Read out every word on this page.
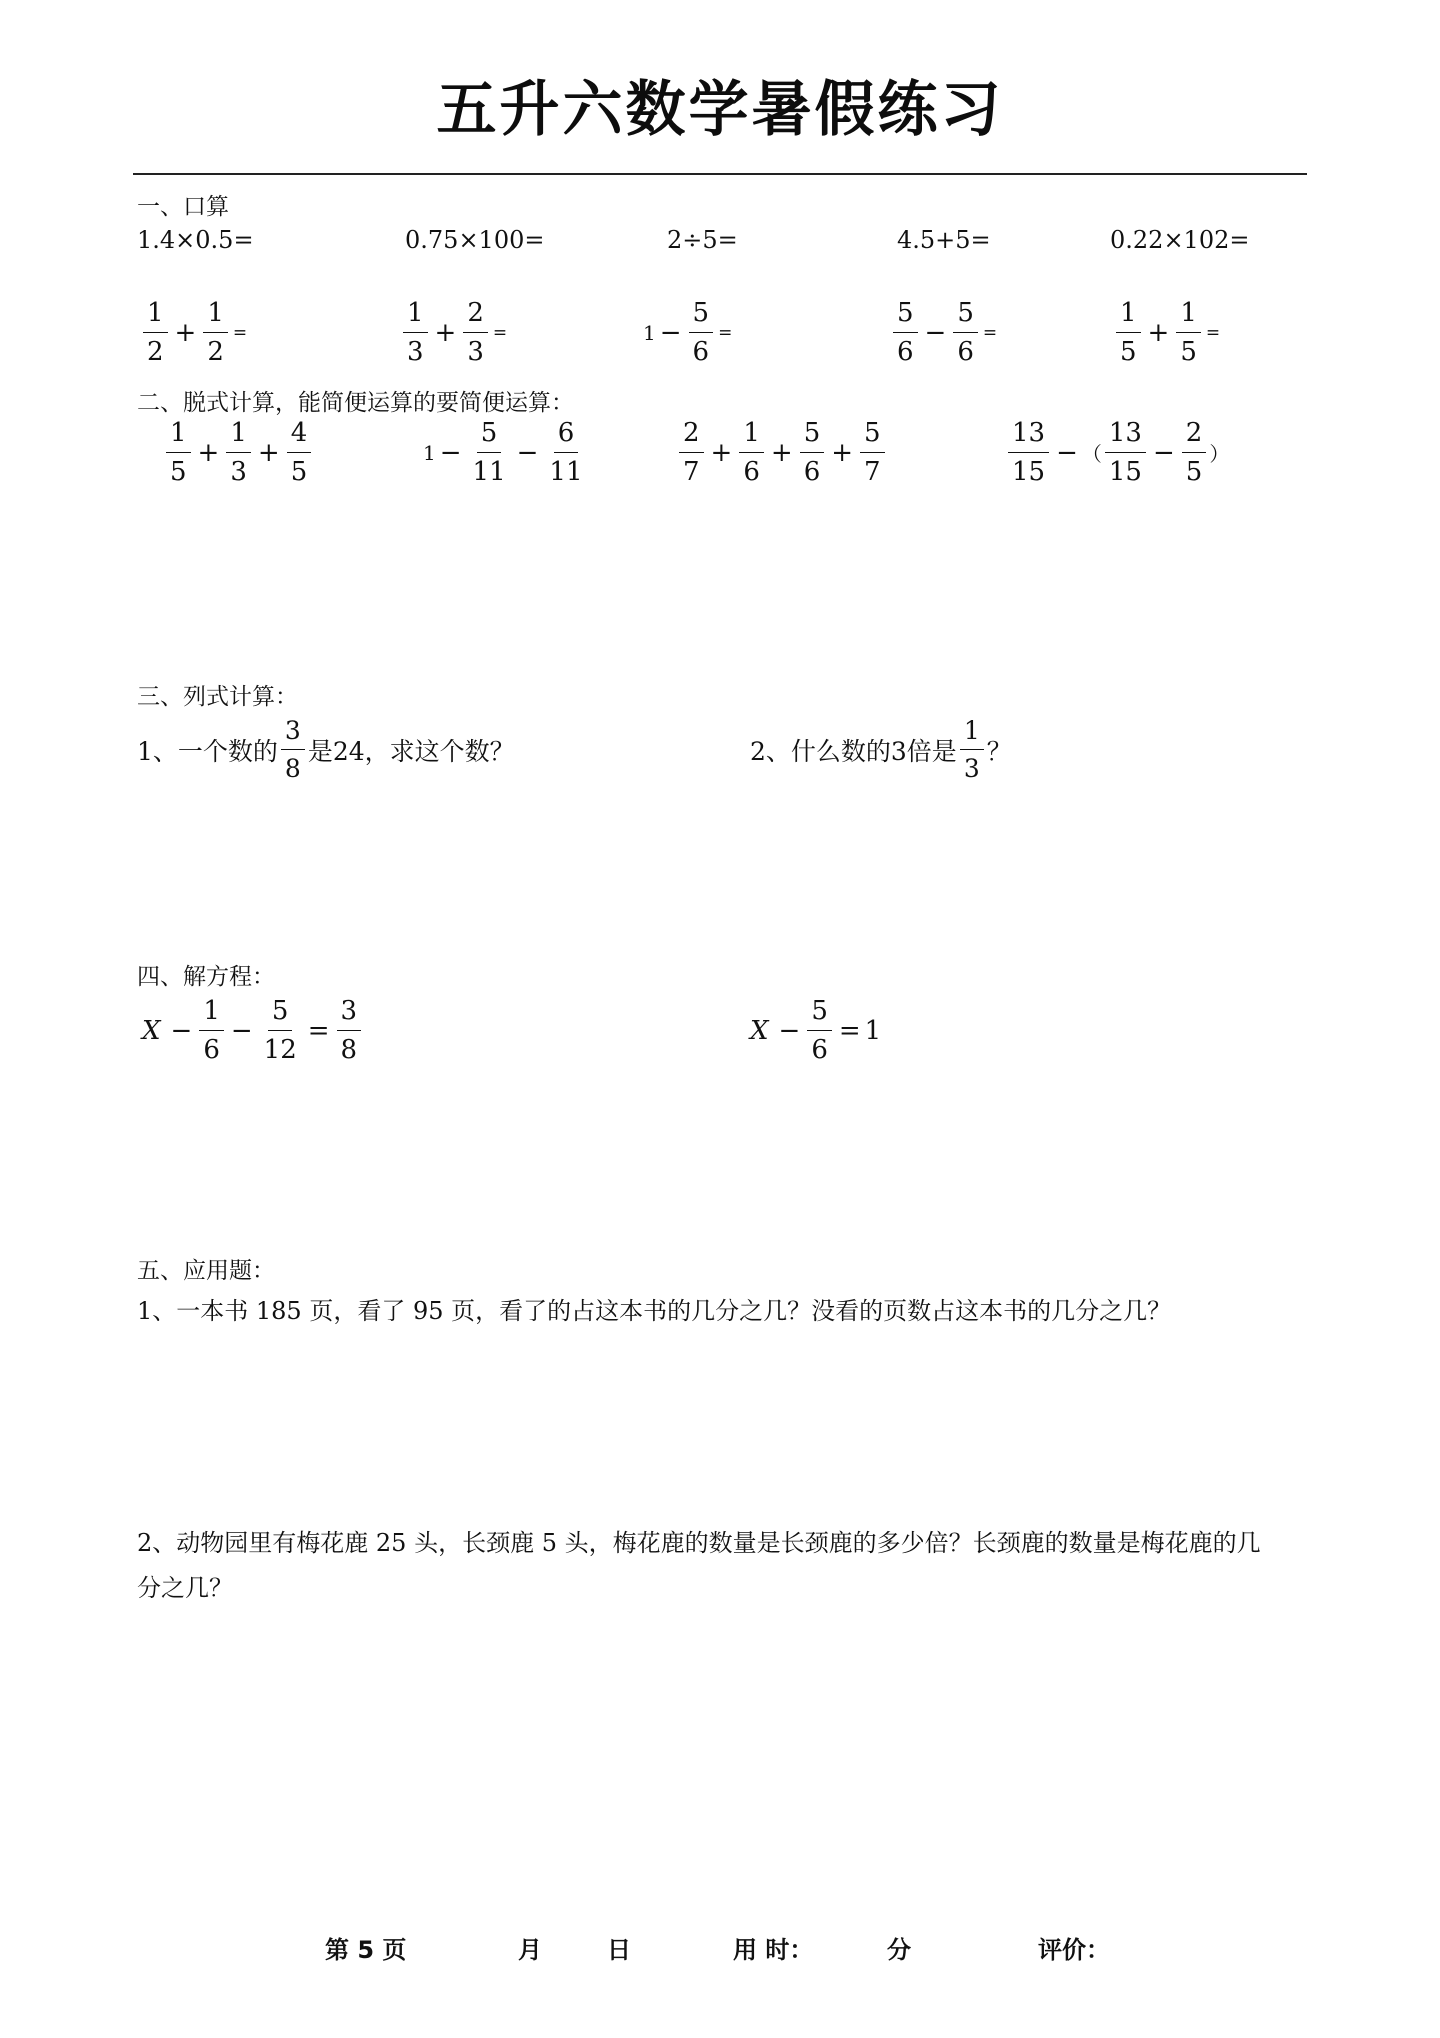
五升六数学暑假练习
一、口算
1.4×0.5=	0.75×100=	2÷5=	4.5+5=	0.22×102=
$\frac{1}{2} + \frac{1}{2}$ =	$\frac{1}{3} + \frac{2}{3}$ =	$1 - \frac{5}{6}$ =	$\frac{5}{6} - \frac{5}{6}$ =	$\frac{1}{5} + \frac{1}{5}$ =
二、脱式计算，能简便运算的要简便运算：
$\frac{1}{5} + \frac{1}{3} + \frac{4}{5}$	$1 - \frac{5}{11} - \frac{6}{11}$	$\frac{2}{7} + \frac{1}{6} + \frac{5}{6} + \frac{5}{7}$	$\frac{13}{15}$ − （ $\frac{13}{15} - \frac{2}{5}$ ）
三、列式计算：
1、一个数的 $\frac{3}{8}$ 是24，求这个数？	2、什么数的3倍是 $\frac{1}{3}$ ？
四、解方程：
$X - \frac{1}{6} - \frac{5}{12} = \frac{3}{8}$	$X - \frac{5}{6} = 1$
五、应用题：
1、一本书 185 页，看了 95 页，看了的占这本书的几分之几？没看的页数占这本书的几分之几？
2、动物园里有梅花鹿 25 头，长颈鹿 5 头，梅花鹿的数量是长颈鹿的多少倍？长颈鹿的数量是梅花鹿的几
分之几？
第 5 页	月	日	用 时：	分	评价：
